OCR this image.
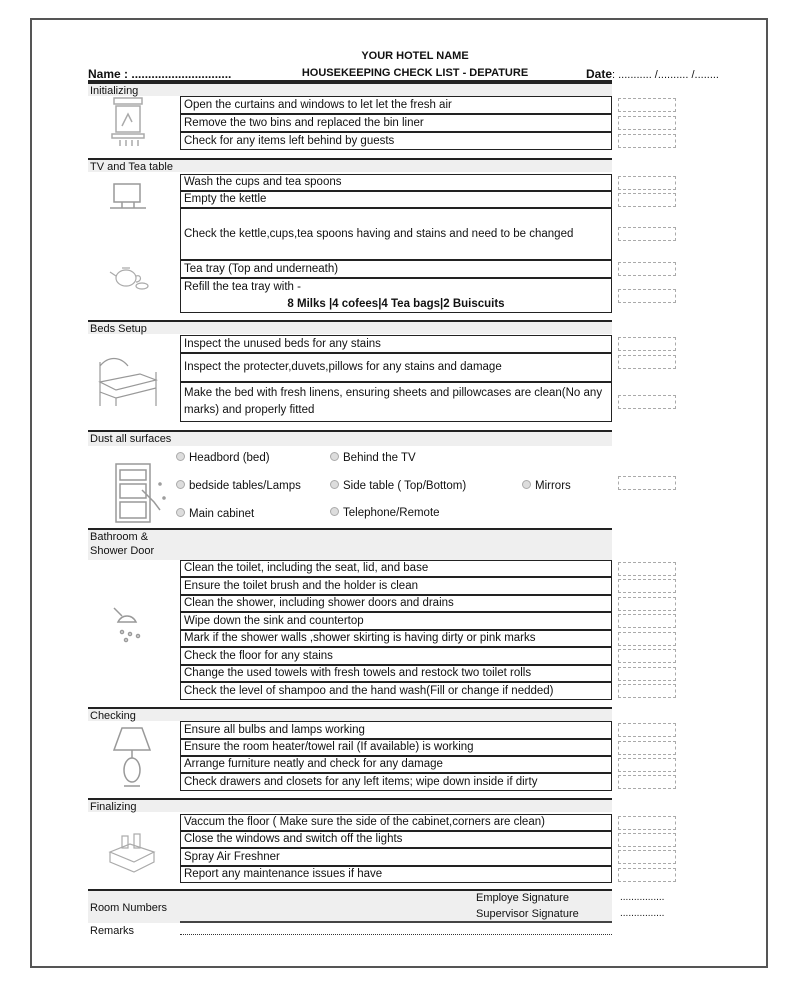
YOUR HOTEL NAME
HOUSEKEEPING CHECK LIST - DEPATURE
Name : ..............................	Date: ........... /.......... /........
Initializing
Open the curtains and windows to let let the fresh air
Remove the two bins and replaced the bin liner
Check for any items left behind by guests
TV and Tea table
Wash the cups and tea spoons
Empty the kettle
Check the kettle,cups,tea spoons having and stains and need to be changed
Tea tray (Top and underneath)
Refill the tea tray with -
8 Milks |4 cofees|4 Tea bags|2 Buiscuits
Beds Setup
Inspect the unused beds for any stains
Inspect the protecter,duvets,pillows for any stains and damage
Make the bed with fresh linens, ensuring sheets and pillowcases are clean(No any marks) and properly fitted
Dust all surfaces
Headbord (bed)	Behind the TV
bedside tables/Lamps	Side table ( Top/Bottom)	Mirrors
Main cabinet	Telephone/Remote
Bathroom & Shower Door
Clean the toilet, including the seat, lid, and base
Ensure the toilet brush and the holder is clean
Clean the shower, including shower doors and drains
Wipe down the sink and countertop
Mark if the shower walls ,shower skirting is having dirty or pink marks
Check the floor for any stains
Change the used towels with fresh towels and restock two toilet rolls
Check the level of shampoo and the hand wash(Fill or change if nedded)
Checking
Ensure all bulbs and lamps working
Ensure the room heater/towel rail (If available) is working
Arrange furniture neatly and check for any damage
Check drawers and closets for any left items; wipe down inside if dirty
Finalizing
Vaccum the floor ( Make sure the side of the cabinet,corners are clean)
Close the windows and switch off the lights
Spray Air Freshner
Report any maintenance issues if have
Room Numbers
Employe Signature
Supervisor Signature
................
................
Remarks
